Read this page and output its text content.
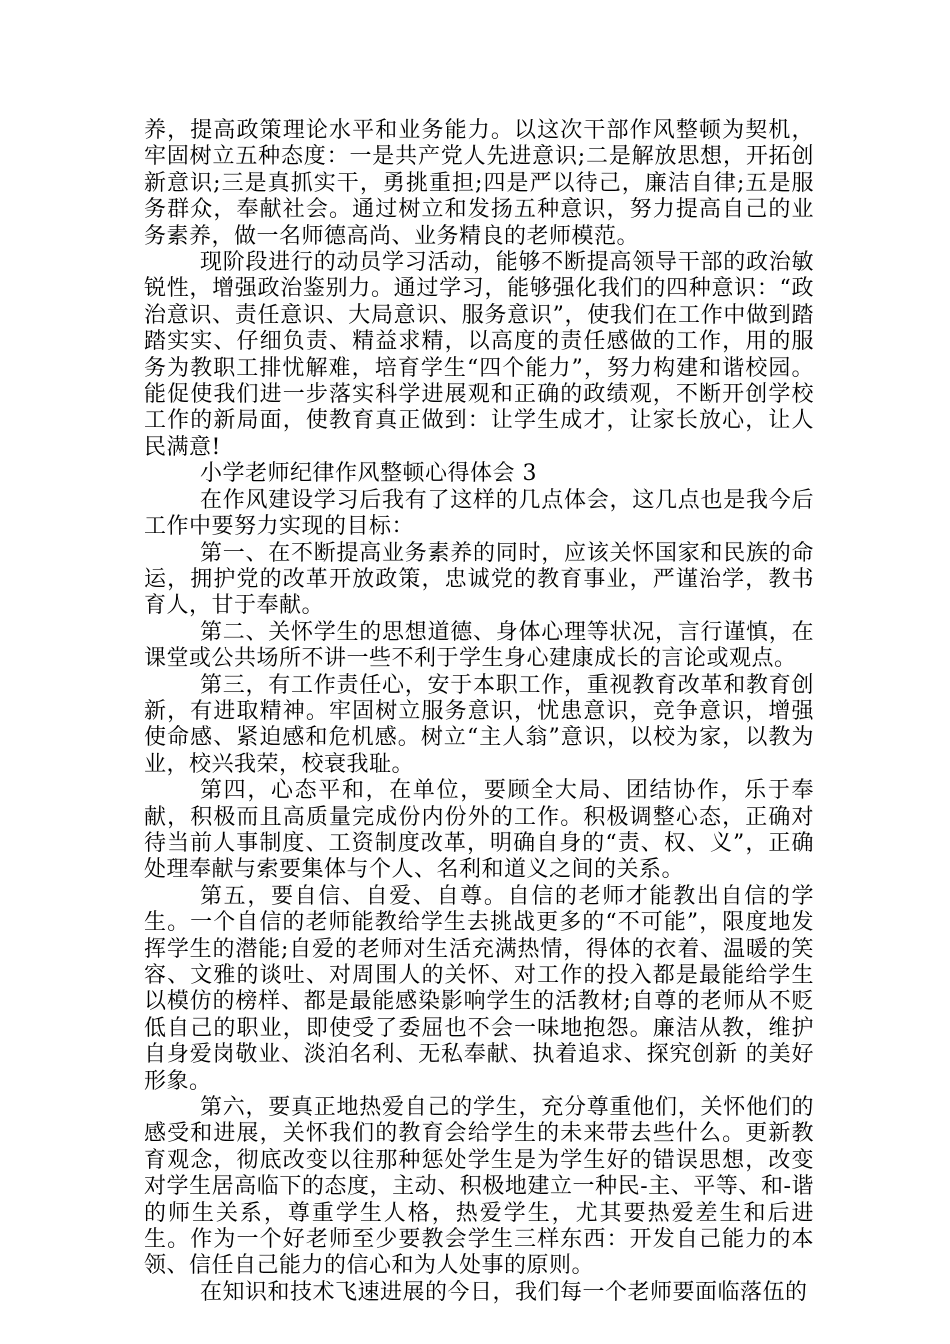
养，提高政策理论水平和业务能力。以这次干部作风整顿为契机，牢固树立五种态度：一是共产党人先进意识;二是解放思想，开拓创新意识;三是真抓实干，勇挑重担;四是严以待己，廉洁自律;五是服务群众，奉献社会。通过树立和发扬五种意识，努力提高自己的业务素养，做一名师德高尚、业务精良的老师模范。

现阶段进行的动员学习活动，能够不断提高领导干部的政治敏锐性，增强政治鉴别力。通过学习，能够强化我们的四种意识：“政治意识、责任意识、大局意识、服务意识”，使我们在工作中做到踏踏实实、仔细负责、精益求精，以高度的责任感做的工作，用的服务为教职工排忧解难，培育学生“四个能力”，努力构建和谐校园。能促使我们进一步落实科学进展观和正确的政绩观，不断开创学校工作的新局面，使教育真正做到：让学生成才，让家长放心，让人民满意!

小学老师纪律作风整顿心得体会 3

在作风建设学习后我有了这样的几点体会，这几点也是我今后工作中要努力实现的目标：

第一、在不断提高业务素养的同时，应该关怀国家和民族的命运，拥护党的改革开放政策，忠诚党的教育事业，严谨治学，教书育人，甘于奉献。

第二、关怀学生的思想道德、身体心理等状况，言行谨慎，在课堂或公共场所不讲一些不利于学生身心建康成长的言论或观点。

第三，有工作责任心，安于本职工作，重视教育改革和教育创新，有进取精神。牢固树立服务意识，忧患意识，竞争意识，增强使命感、紧迫感和危机感。树立“主人翁”意识，以校为家，以教为业，校兴我荣，校衰我耻。

第四，心态平和，在单位，要顾全大局、团结协作，乐于奉献，积极而且高质量完成份内份外的工作。积极调整心态，正确对待当前人事制度、工资制度改革，明确自身的“责、权、义”，正确处理奉献与索要集体与个人、名利和道义之间的关系。

第五，要自信、自爱、自尊。自信的老师才能教出自信的学生。一个自信的老师能教给学生去挑战更多的“不可能”，限度地发挥学生的潜能;自爱的老师对生活充满热情，得体的衣着、温暖的笑容、文雅的谈吐、对周围人的关怀、对工作的投入都是最能给学生以模仿的榜样、都是最能感染影响学生的活教材;自尊的老师从不贬低自己的职业，即使受了委屈也不会一味地抱怨。廉洁从教，维护自身爱岗敬业、淡泊名利、无私奉献、执着追求、探究创新 的美好形象。

第六，要真正地热爱自己的学生，充分尊重他们，关怀他们的感受和进展，关怀我们的教育会给学生的未来带去些什么。更新教育观念，彻底改变以往那种惩处学生是为学生好的错误思想，改变对学生居高临下的态度，主动、积极地建立一种民-主、平等、和-谐的师生关系，尊重学生人格，热爱学生，尤其要热爱差生和后进生。作为一个好老师至少要教会学生三样东西：开发自己能力的本领、信任自己能力的信心和为人处事的原则。

在知识和技术飞速进展的今日，我们每一个老师要面临落伍的
